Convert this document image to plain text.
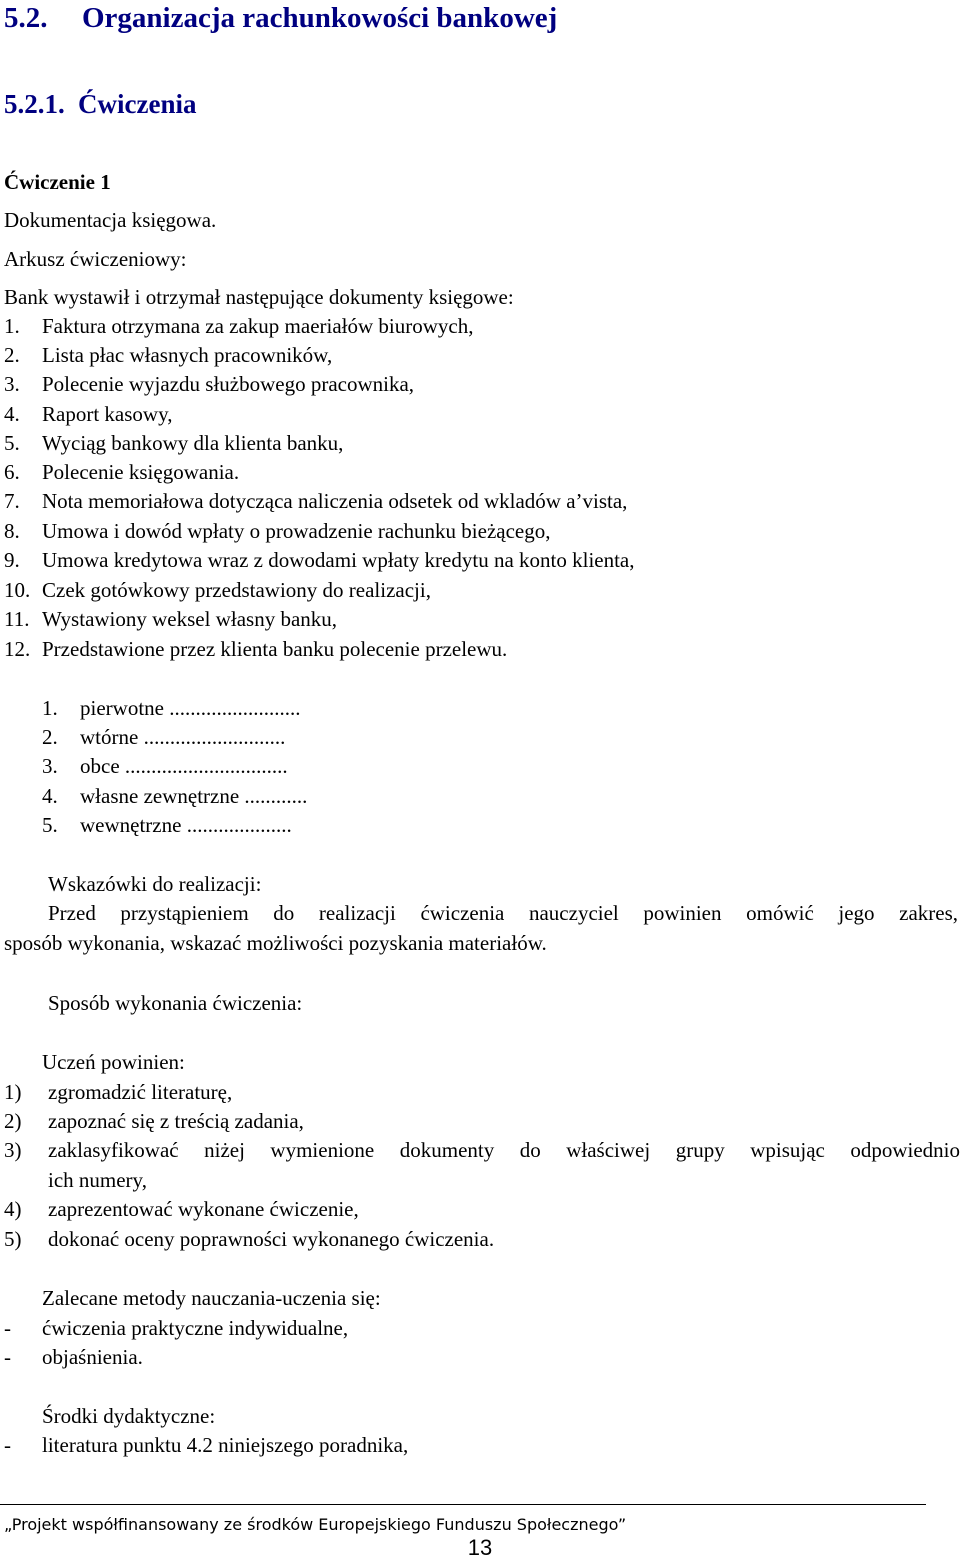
5.2. Organizacja rachunkowości bankowej
5.2.1. Ćwiczenia
Ćwiczenie 1
Dokumentacja księgowa.
Arkusz ćwiczeniowy:
Bank wystawił i otrzymał następujące dokumenty księgowe:
1. Faktura otrzymana za zakup maeriałów biurowych,
2. Lista płac własnych pracowników,
3. Polecenie wyjazdu służbowego pracownika,
4. Raport kasowy,
5. Wyciąg bankowy dla klienta banku,
6. Polecenie księgowania.
7. Nota memoriałowa dotycząca naliczenia odsetek od wkladów a’vista,
8. Umowa i dowód wpłaty o prowadzenie rachunku bieżącego,
9. Umowa kredytowa wraz z dowodami wpłaty kredytu na konto klienta,
10. Czek gotówkowy przedstawiony do realizacji,
11. Wystawiony weksel własny banku,
12. Przedstawione przez klienta banku polecenie przelewu.
1. pierwotne .........................
2. wtórne ...........................
3. obce ...............................
4. własne zewnętrzne ............
5. wewnętrzne ....................
Wskazówki do realizacji:
Przed przystąpieniem do realizacji ćwiczenia nauczyciel powinien omówić jego zakres,
sposób wykonania, wskazać możliwości pozyskania materiałów.
Sposób wykonania ćwiczenia:
Uczeń powinien:
1) zgromadzić literaturę,
2) zapoznać się z treścią zadania,
3) zaklasyfikować niżej wymienione dokumenty do właściwej grupy wpisując odpowiednio
ich numery,
4) zaprezentować wykonane ćwiczenie,
5) dokonać oceny poprawności wykonanego ćwiczenia.
Zalecane metody nauczania-uczenia się:
- ćwiczenia praktyczne indywidualne,
- objaśnienia.
Środki dydaktyczne:
- literatura punktu 4.2 niniejszego poradnika,
„Projekt współfinansowany ze środków Europejskiego Funduszu Społecznego”
13
